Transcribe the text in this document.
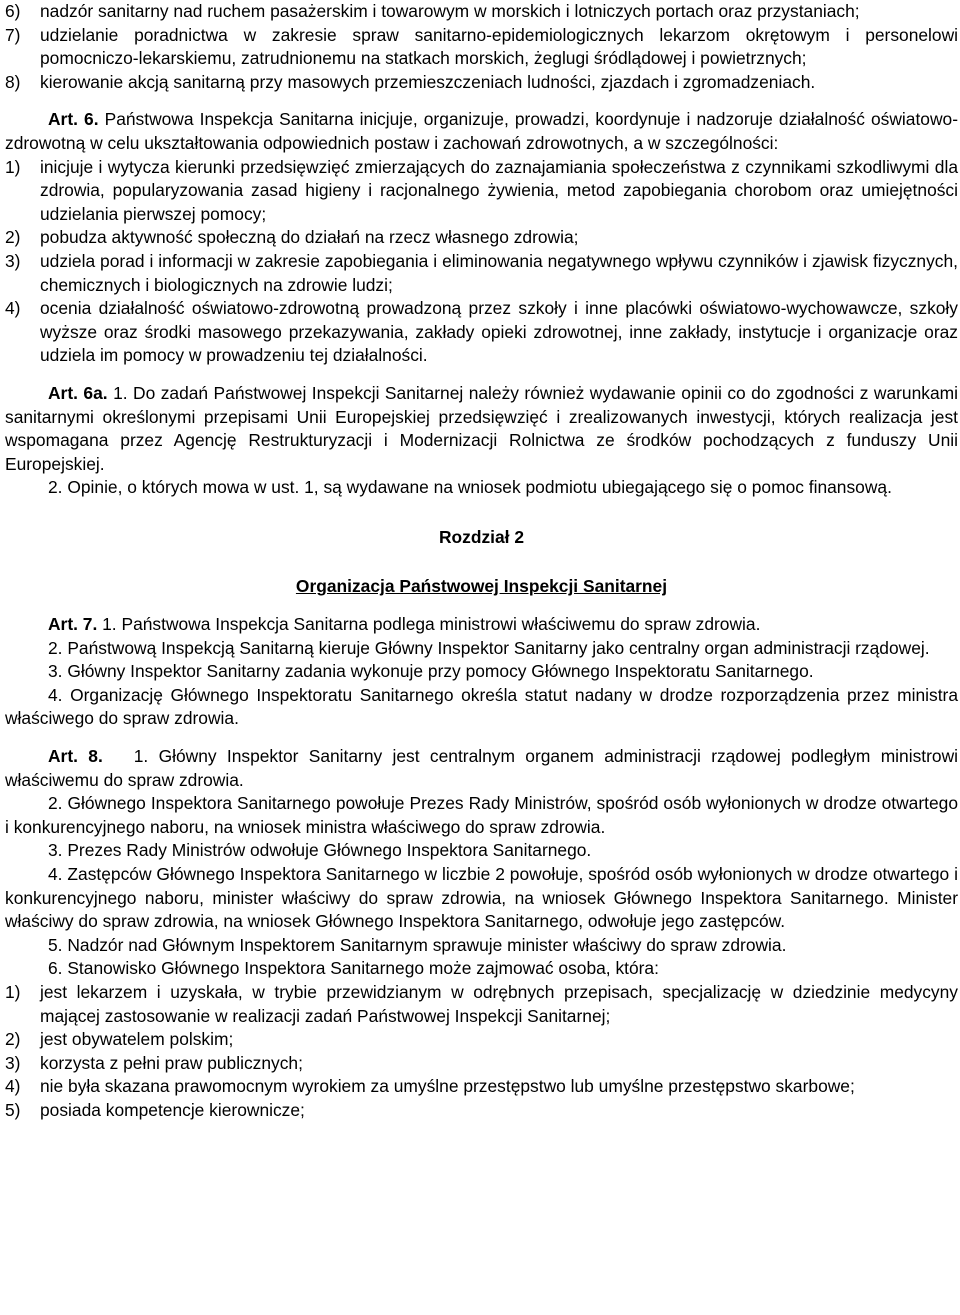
6)	nadzór sanitarny nad ruchem pasażerskim i towarowym w morskich i lotniczych portach oraz przystaniach;
7)	udzielanie poradnictwa w zakresie spraw sanitarno-epidemiologicznych lekarzom okrętowym i personelowi pomocniczo-lekarskiemu, zatrudnionemu na statkach morskich, żeglugi śródlądowej i powietrznych;
8)	kierowanie akcją sanitarną przy masowych przemieszczeniach ludności, zjazdach i zgromadzeniach.

Art. 6. Państwowa Inspekcja Sanitarna inicjuje, organizuje, prowadzi, koordynuje i nadzoruje działalność oświatowo-zdrowotną w celu ukształtowania odpowiednich postaw i zachowań zdrowotnych, a w szczególności:

1)	inicjuje i wytycza kierunki przedsięwzięć zmierzających do zaznajamiania społeczeństwa z czynnikami szkodliwymi dla zdrowia, popularyzowania zasad higieny i racjonalnego żywienia, metod zapobiegania chorobom oraz umiejętności udzielania pierwszej pomocy;
2)	pobudza aktywność społeczną do działań na rzecz własnego zdrowia;
3)	udziela porad i informacji w zakresie zapobiegania i eliminowania negatywnego wpływu czynników i zjawisk fizycznych, chemicznych i biologicznych na zdrowie ludzi;
4)	ocenia działalność oświatowo-zdrowotną prowadzoną przez szkoły i inne placówki oświatowo-wychowawcze, szkoły wyższe oraz środki masowego przekazywania, zakłady opieki zdrowotnej, inne zakłady, instytucje i organizacje oraz udziela im pomocy w prowadzeniu tej działalności.

Art. 6a. 1. Do zadań Państwowej Inspekcji Sanitarnej należy również wydawanie opinii co do zgodności z warunkami sanitarnymi określonymi przepisami Unii Europejskiej przedsięwzięć i zrealizowanych inwestycji, których realizacja jest wspomagana przez Agencję Restrukturyzacji i Modernizacji Rolnictwa ze środków pochodzących z funduszy Unii Europejskiej.

2. Opinie, o których mowa w ust. 1, są wydawane na wniosek podmiotu ubiegającego się o pomoc finansową.

Rozdział 2

Organizacja Państwowej Inspekcji Sanitarnej

Art. 7. 1. Państwowa Inspekcja Sanitarna podlega ministrowi właściwemu do spraw zdrowia.

2. Państwową Inspekcją Sanitarną kieruje Główny Inspektor Sanitarny jako centralny organ administracji rządowej.

3. Główny Inspektor Sanitarny zadania wykonuje przy pomocy Głównego Inspektoratu Sanitarnego.

4. Organizację Głównego Inspektoratu Sanitarnego określa statut nadany w drodze rozporządzenia przez ministra właściwego do spraw zdrowia.

Art. 8. 1. Główny Inspektor Sanitarny jest centralnym organem administracji rządowej podległym ministrowi właściwemu do spraw zdrowia.

2. Głównego Inspektora Sanitarnego powołuje Prezes Rady Ministrów, spośród osób wyłonionych w drodze otwartego i konkurencyjnego naboru, na wniosek ministra właściwego do spraw zdrowia.

3. Prezes Rady Ministrów odwołuje Głównego Inspektora Sanitarnego.

4. Zastępców Głównego Inspektora Sanitarnego w liczbie 2 powołuje, spośród osób wyłonionych w drodze otwartego i konkurencyjnego naboru, minister właściwy do spraw zdrowia, na wniosek Głównego Inspektora Sanitarnego. Minister właściwy do spraw zdrowia, na wniosek Głównego Inspektora Sanitarnego, odwołuje jego zastępców.

5. Nadzór nad Głównym Inspektorem Sanitarnym sprawuje minister właściwy do spraw zdrowia.

6. Stanowisko Głównego Inspektora Sanitarnego może zajmować osoba, która:

1)	jest lekarzem i uzyskała, w trybie przewidzianym w odrębnych przepisach, specjalizację w dziedzinie medycyny mającej zastosowanie w realizacji zadań Państwowej Inspekcji Sanitarnej;
2)	jest obywatelem polskim;
3)	korzysta z pełni praw publicznych;
4)	nie była skazana prawomocnym wyrokiem za umyślne przestępstwo lub umyślne przestępstwo skarbowe;
5)	posiada kompetencje kierownicze;
